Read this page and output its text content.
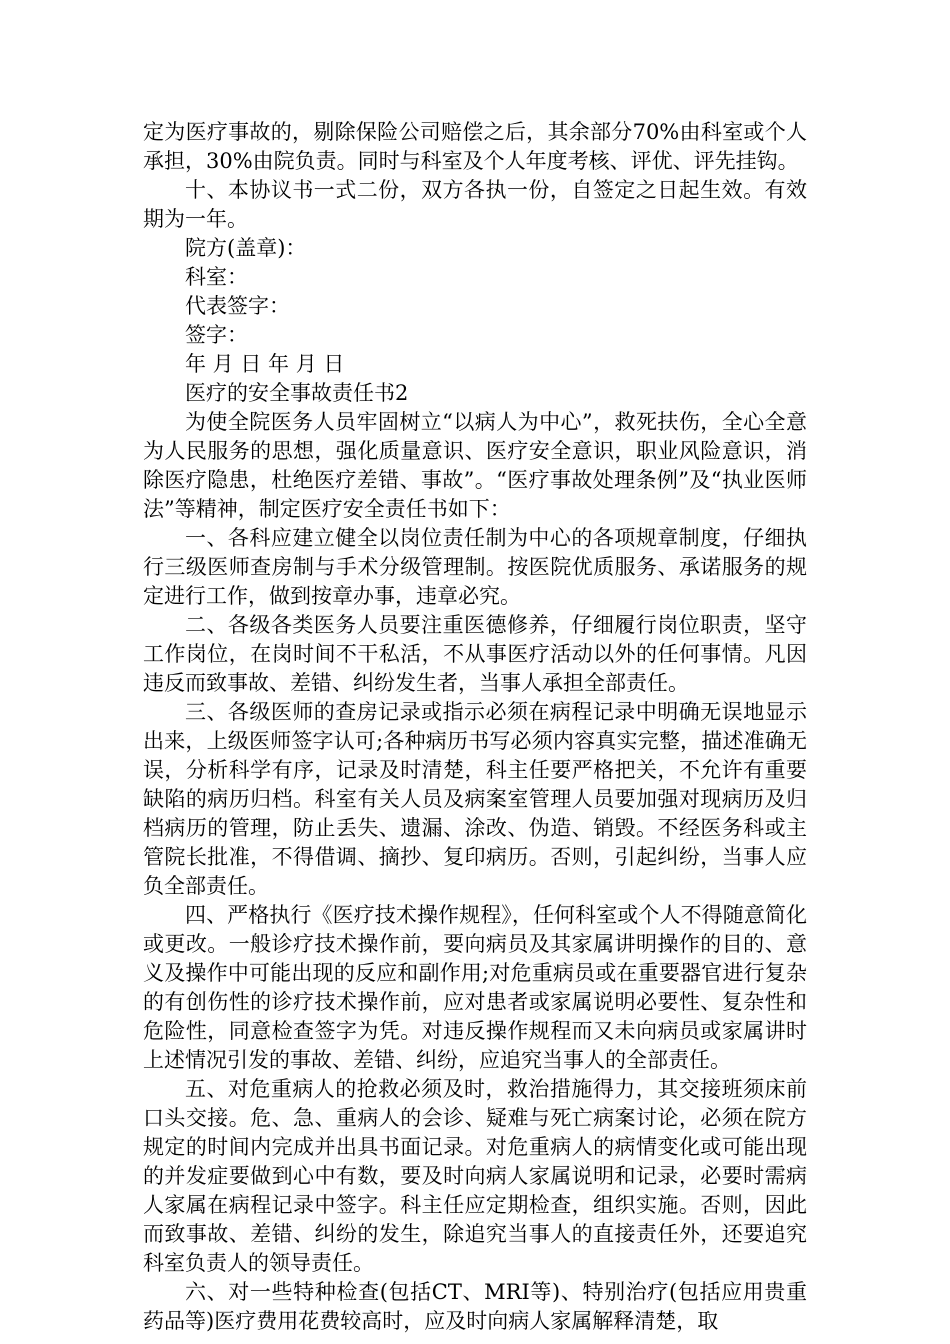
定为医疗事故的，剔除保险公司赔偿之后，其余部分70%由科室或个人承担，30%由院负责。同时与科室及个人年度考核、评优、评先挂钩。

十、本协议书一式二份，双方各执一份，自签定之日起生效。有效期为一年。

院方(盖章)：

科室：

代表签字：

签字：

年 月 日 年 月 日

医疗的安全事故责任书2

为使全院医务人员牢固树立“以病人为中心”，救死扶伤，全心全意为人民服务的思想，强化质量意识、医疗安全意识，职业风险意识，消除医疗隐患，杜绝医疗差错、事故”。“医疗事故处理条例”及“执业医师法”等精神，制定医疗安全责任书如下：

一、各科应建立健全以岗位责任制为中心的各项规章制度，仔细执行三级医师查房制与手术分级管理制。按医院优质服务、承诺服务的规定进行工作，做到按章办事，违章必究。

二、各级各类医务人员要注重医德修养，仔细履行岗位职责，坚守工作岗位，在岗时间不干私活，不从事医疗活动以外的任何事情。凡因违反而致事故、差错、纠纷发生者，当事人承担全部责任。

三、各级医师的查房记录或指示必须在病程记录中明确无误地显示出来，上级医师签字认可;各种病历书写必须内容真实完整，描述准确无误，分析科学有序，记录及时清楚，科主任要严格把关，不允许有重要缺陷的病历归档。科室有关人员及病案室管理人员要加强对现病历及归档病历的管理，防止丢失、遗漏、涂改、伪造、销毁。不经医务科或主管院长批准，不得借调、摘抄、复印病历。否则，引起纠纷，当事人应负全部责任。

四、严格执行《医疗技术操作规程》，任何科室或个人不得随意简化或更改。一般诊疗技术操作前，要向病员及其家属讲明操作的目的、意义及操作中可能出现的反应和副作用;对危重病员或在重要器官进行复杂的有创伤性的诊疗技术操作前，应对患者或家属说明必要性、复杂性和危险性，同意检查签字为凭。对违反操作规程而又未向病员或家属讲时上述情况引发的事故、差错、纠纷，应追究当事人的全部责任。

五、对危重病人的抢救必须及时，救治措施得力，其交接班须床前口头交接。危、急、重病人的会诊、疑难与死亡病案讨论，必须在院方规定的时间内完成并出具书面记录。对危重病人的病情变化或可能出现的并发症要做到心中有数，要及时向病人家属说明和记录，必要时需病人家属在病程记录中签字。科主任应定期检查，组织实施。否则，因此而致事故、差错、纠纷的发生，除追究当事人的直接责任外，还要追究科室负责人的领导责任。

六、对一些特种检查(包括CT、MRI等)、特别治疗(包括应用贵重药品等)医疗费用花费较高时，应及时向病人家属解释清楚，取
